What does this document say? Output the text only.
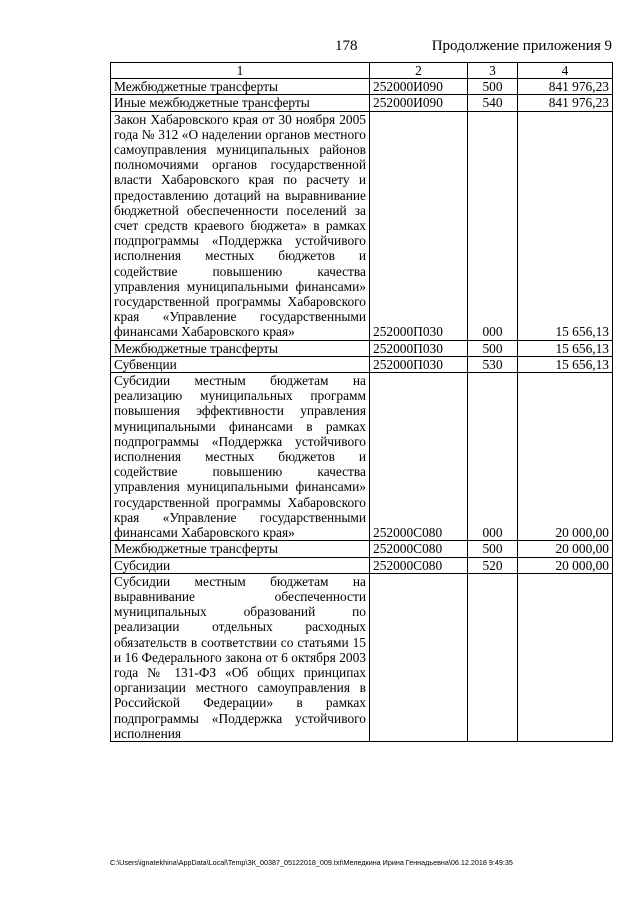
178	Продолжение приложения 9
1	2	3	4
Межбюджетные трансферты	252000И090	500	841 976,23
Иные межбюджетные трансферты	252000И090	540	841 976,23
Закон Хабаровского края от 30 ноября 2005 года № 312 «О наделении органов местного самоуправления муниципальных районов полномочиями органов государственной власти Хабаровского края по расчету и предоставлению дотаций на выравнивание бюджетной обеспеченности поселений за счет средств краевого бюджета» в рамках подпрограммы «Поддержка устойчивого исполнения местных бюджетов и содействие повышению качества управления муниципальными финансами» государственной программы Хабаровского края «Управление государственными финансами Хабаровского края»	252000П030	000	15 656,13
Межбюджетные трансферты	252000П030	500	15 656,13
Субвенции	252000П030	530	15 656,13
Субсидии местным бюджетам на реализацию муниципальных программ повышения эффективности управления муниципальными финансами в рамках подпрограммы «Поддержка устойчивого исполнения местных бюджетов и содействие повышению качества управления муниципальными финансами» государственной программы Хабаровского края «Управление государственными финансами Хабаровского края»	252000С080	000	20 000,00
Межбюджетные трансферты	252000С080	500	20 000,00
Субсидии	252000С080	520	20 000,00
Субсидии местным бюджетам на выравнивание обеспеченности муниципальных образований по реализации отдельных расходных обязательств в соответствии со статьями 15 и 16 Федерального закона от 6 октября 2003 года № 131-ФЗ «Об общих принципах организации местного самоуправления в Российской Федерации» в рамках подпрограммы «Поддержка устойчивого исполнения			
C:\Users\ignatekhina\AppData\Local\Temp\ЗК_00387_05122018_009.txt\Меледкина Ирина Геннадьевна\06.12.2018 9:49:35
